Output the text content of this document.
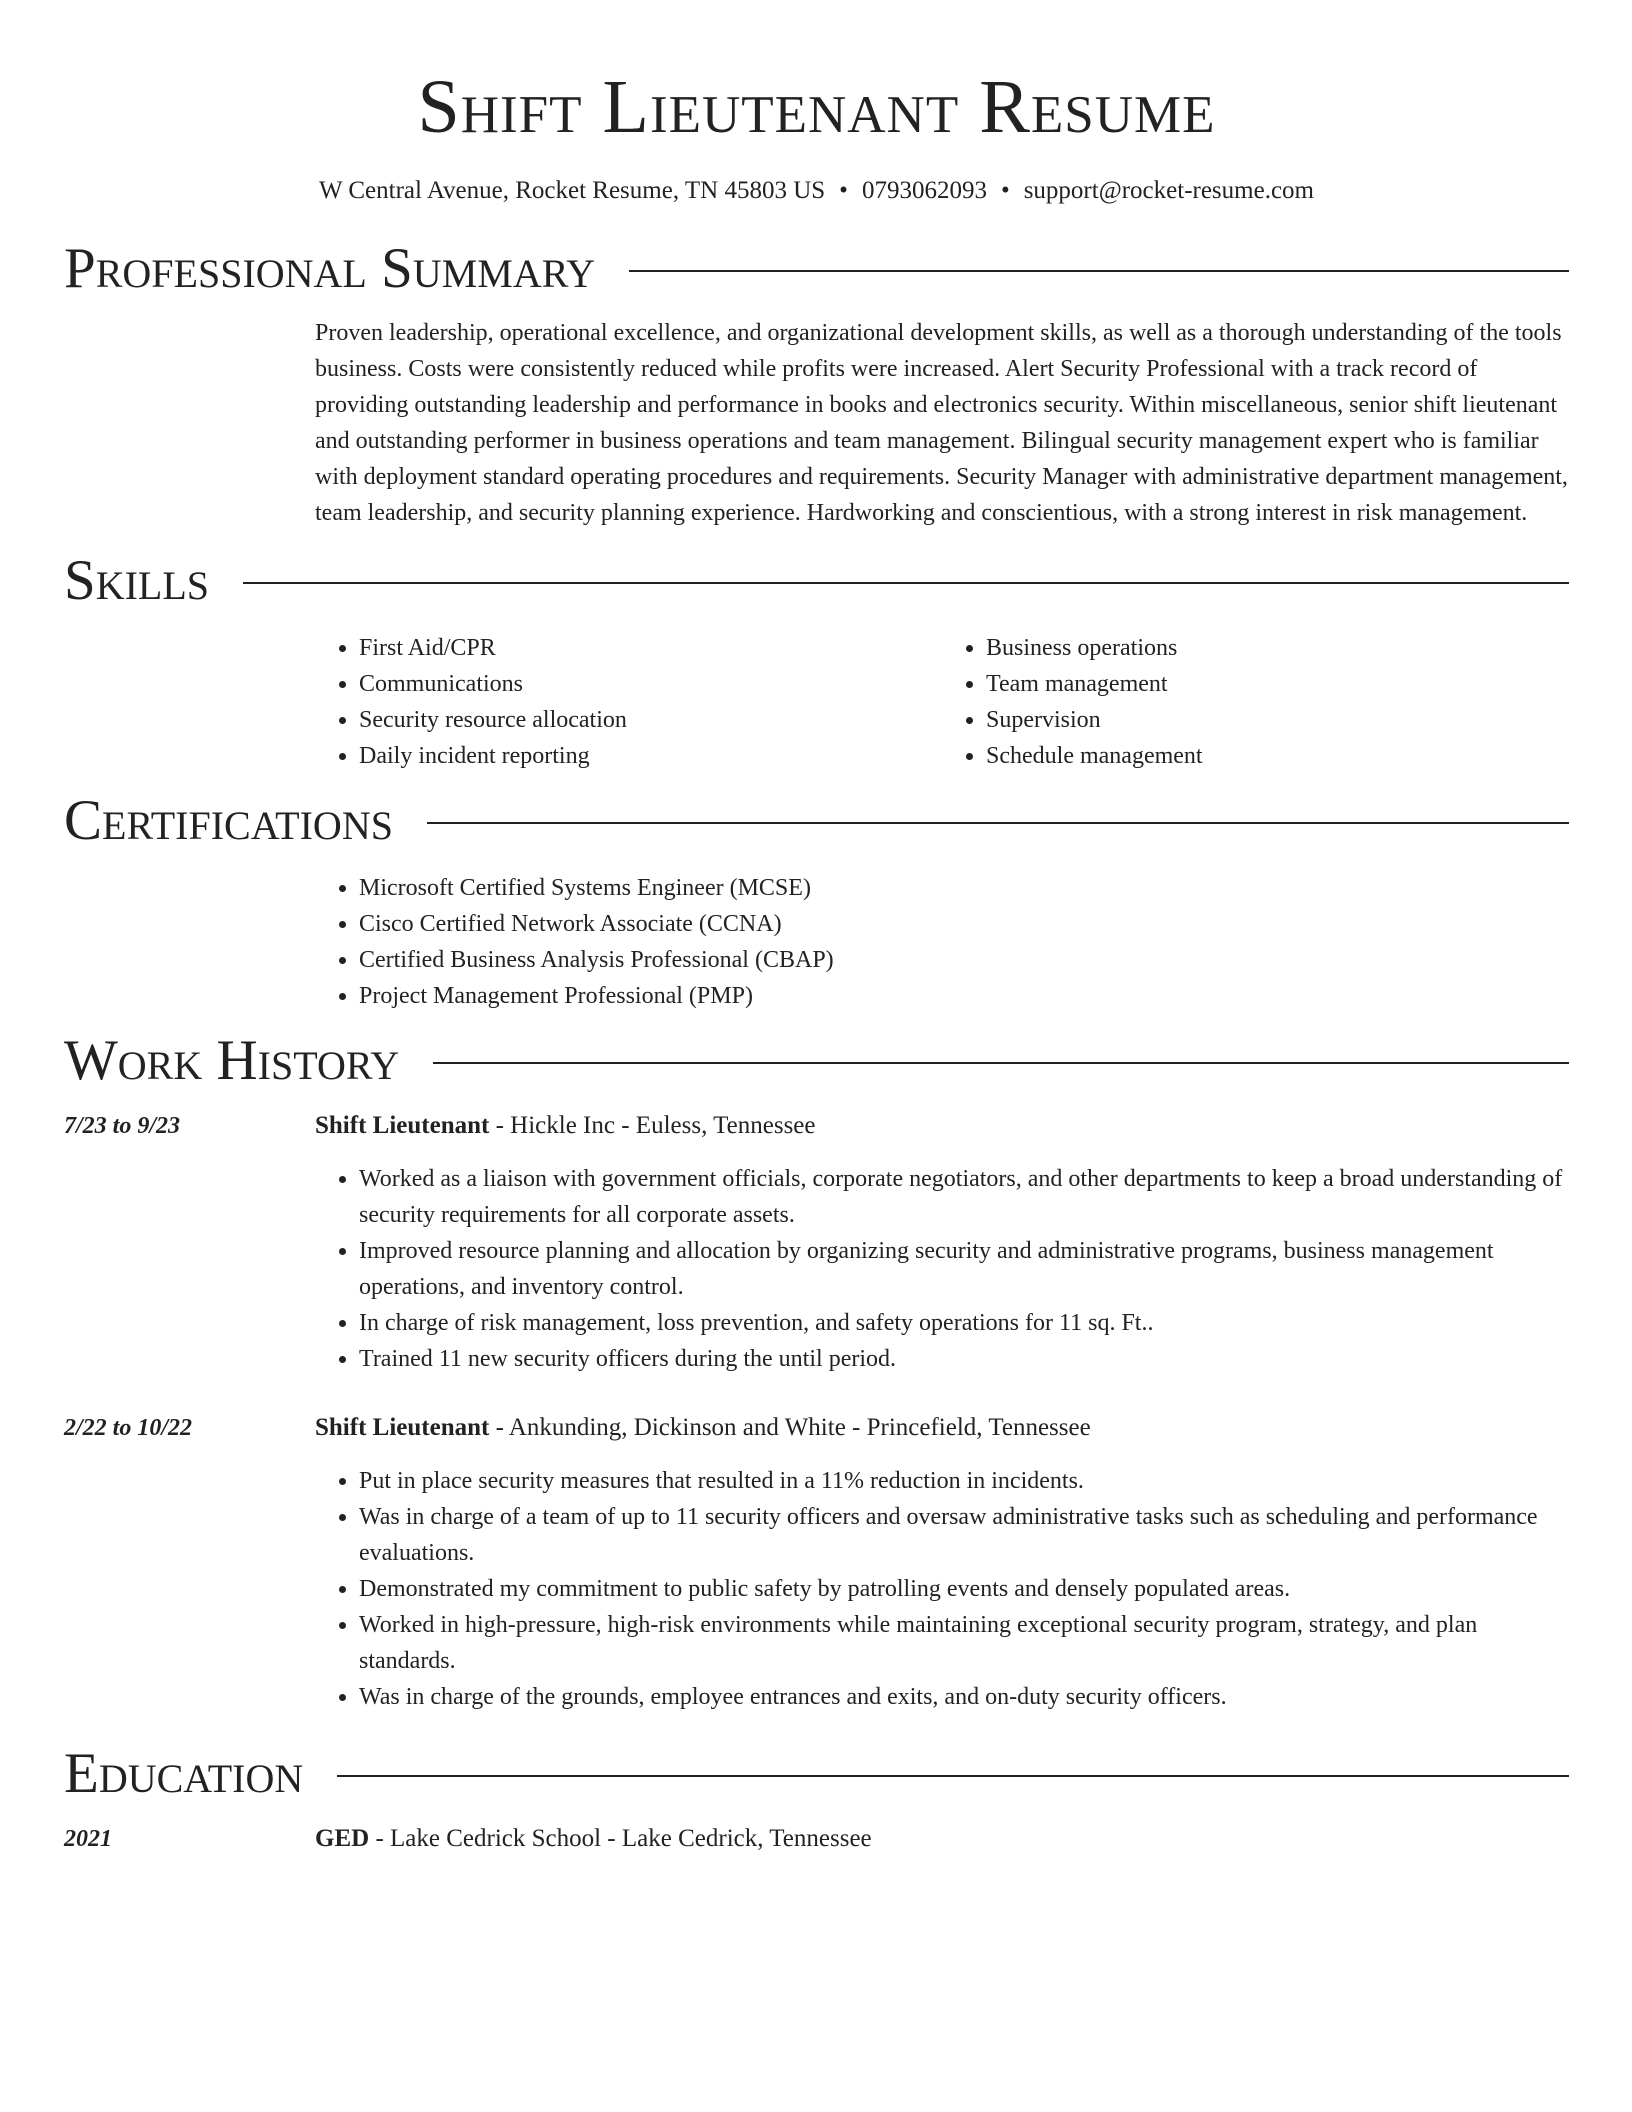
Shift Lieutenant Resume
W Central Avenue, Rocket Resume, TN 45803 US • 0793062093 • support@rocket-resume.com
Professional Summary

Proven leadership, operational excellence, and organizational development skills, as well as a thorough understanding of the tools business. Costs were consistently reduced while profits were increased. Alert Security Professional with a track record of providing outstanding leadership and performance in books and electronics security. Within miscellaneous, senior shift lieutenant and outstanding performer in business operations and team management. Bilingual security management expert who is familiar with deployment standard operating procedures and requirements. Security Manager with administrative department management, team leadership, and security planning experience. Hardworking and conscientious, with a strong interest in risk management.

Skills
• First Aid/CPR
• Communications
• Security resource allocation
• Daily incident reporting
• Business operations
• Team management
• Supervision
• Schedule management
Certifications
• Microsoft Certified Systems Engineer (MCSE)
• Cisco Certified Network Associate (CCNA)
• Certified Business Analysis Professional (CBAP)
• Project Management Professional (PMP)
Work History
7/23 to 9/23	Shift Lieutenant - Hickle Inc - Euless, Tennessee
• Worked as a liaison with government officials, corporate negotiators, and other departments to keep a broad understanding of security requirements for all corporate assets.
• Improved resource planning and allocation by organizing security and administrative programs, business management operations, and inventory control.
• In charge of risk management, loss prevention, and safety operations for 11 sq. Ft..
• Trained 11 new security officers during the until period.
2/22 to 10/22	Shift Lieutenant - Ankunding, Dickinson and White - Princefield, Tennessee
• Put in place security measures that resulted in a 11% reduction in incidents.
• Was in charge of a team of up to 11 security officers and oversaw administrative tasks such as scheduling and performance evaluations.
• Demonstrated my commitment to public safety by patrolling events and densely populated areas.
• Worked in high-pressure, high-risk environments while maintaining exceptional security program, strategy, and plan standards.
• Was in charge of the grounds, employee entrances and exits, and on-duty security officers.
Education
2021	GED - Lake Cedrick School - Lake Cedrick, Tennessee
